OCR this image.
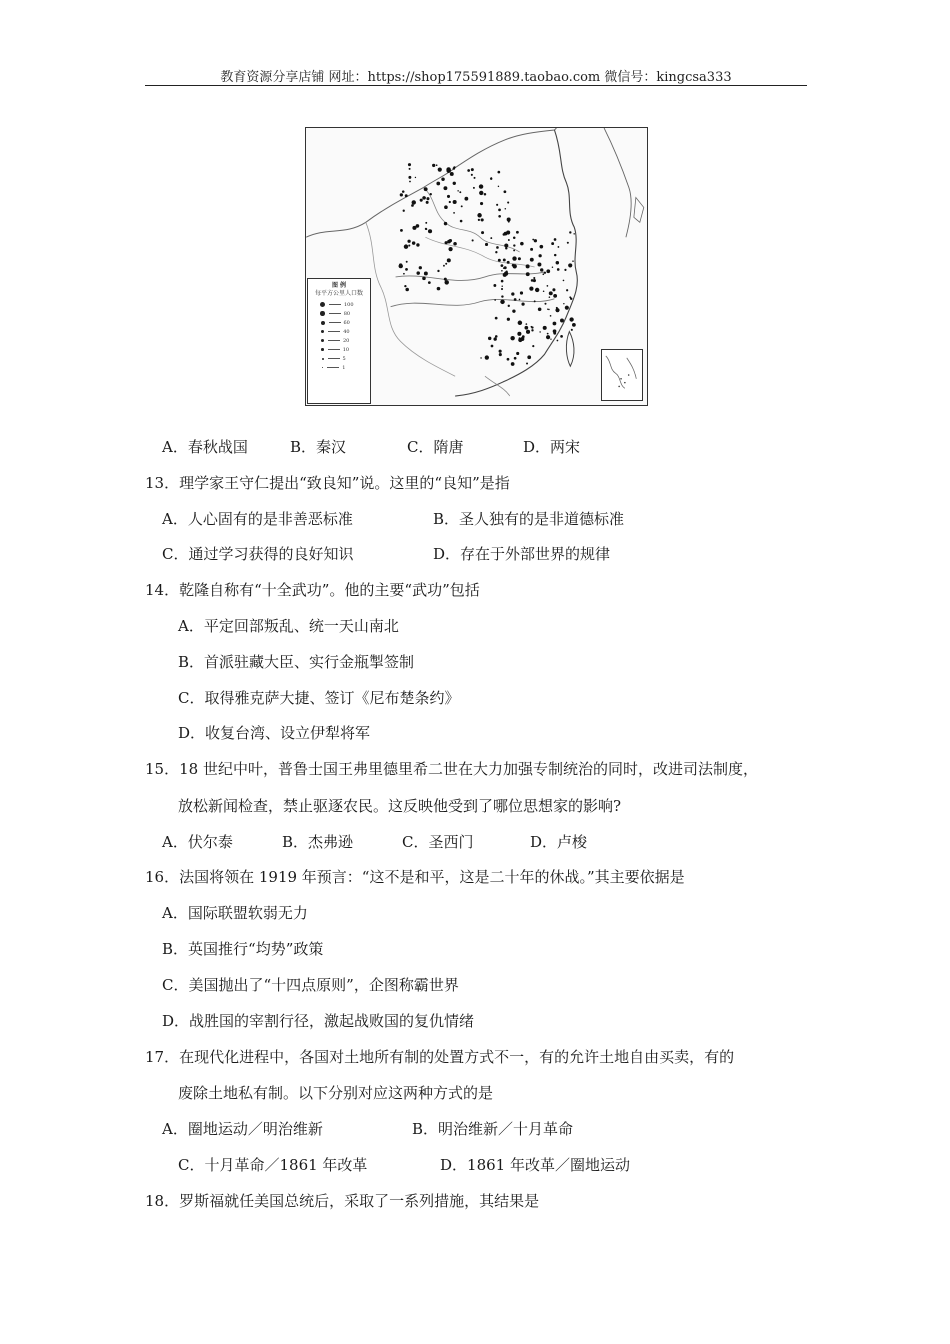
教育资源分享店铺 网址：https://shop175591889.taobao.com 微信号：kingcsa333
图 例
每平方公里人口数
100
80
60
40
20
10
5
1
A．春秋战国	B．秦汉	C．隋唐	D．两宋
13．理学家王守仁提出“致良知”说。这里的“良知”是指
A．人心固有的是非善恶标准	B．圣人独有的是非道德标准
C．通过学习获得的良好知识	D．存在于外部世界的规律
14．乾隆自称有“十全武功”。他的主要“武功”包括
A．平定回部叛乱、统一天山南北
B．首派驻藏大臣、实行金瓶掣签制
C．取得雅克萨大捷、签订《尼布楚条约》
D．收复台湾、设立伊犁将军
15．18 世纪中叶，普鲁士国王弗里德里希二世在大力加强专制统治的同时，改进司法制度，
放松新闻检查，禁止驱逐农民。这反映他受到了哪位思想家的影响?
A．伏尔泰	B．杰弗逊	C．圣西门	D．卢梭
16．法国将领在 1919 年预言：“这不是和平，这是二十年的休战。”其主要依据是
A．国际联盟软弱无力
B．英国推行“均势”政策
C．美国抛出了“十四点原则”，企图称霸世界
D．战胜国的宰割行径，激起战败国的复仇情绪
17．在现代化进程中，各国对土地所有制的处置方式不一，有的允许土地自由买卖，有的
废除土地私有制。以下分别对应这两种方式的是
A．圈地运动／明治维新	B．明治维新／十月革命
C．十月革命／1861 年改革	D．1861 年改革／圈地运动
18．罗斯福就任美国总统后，采取了一系列措施，其结果是
